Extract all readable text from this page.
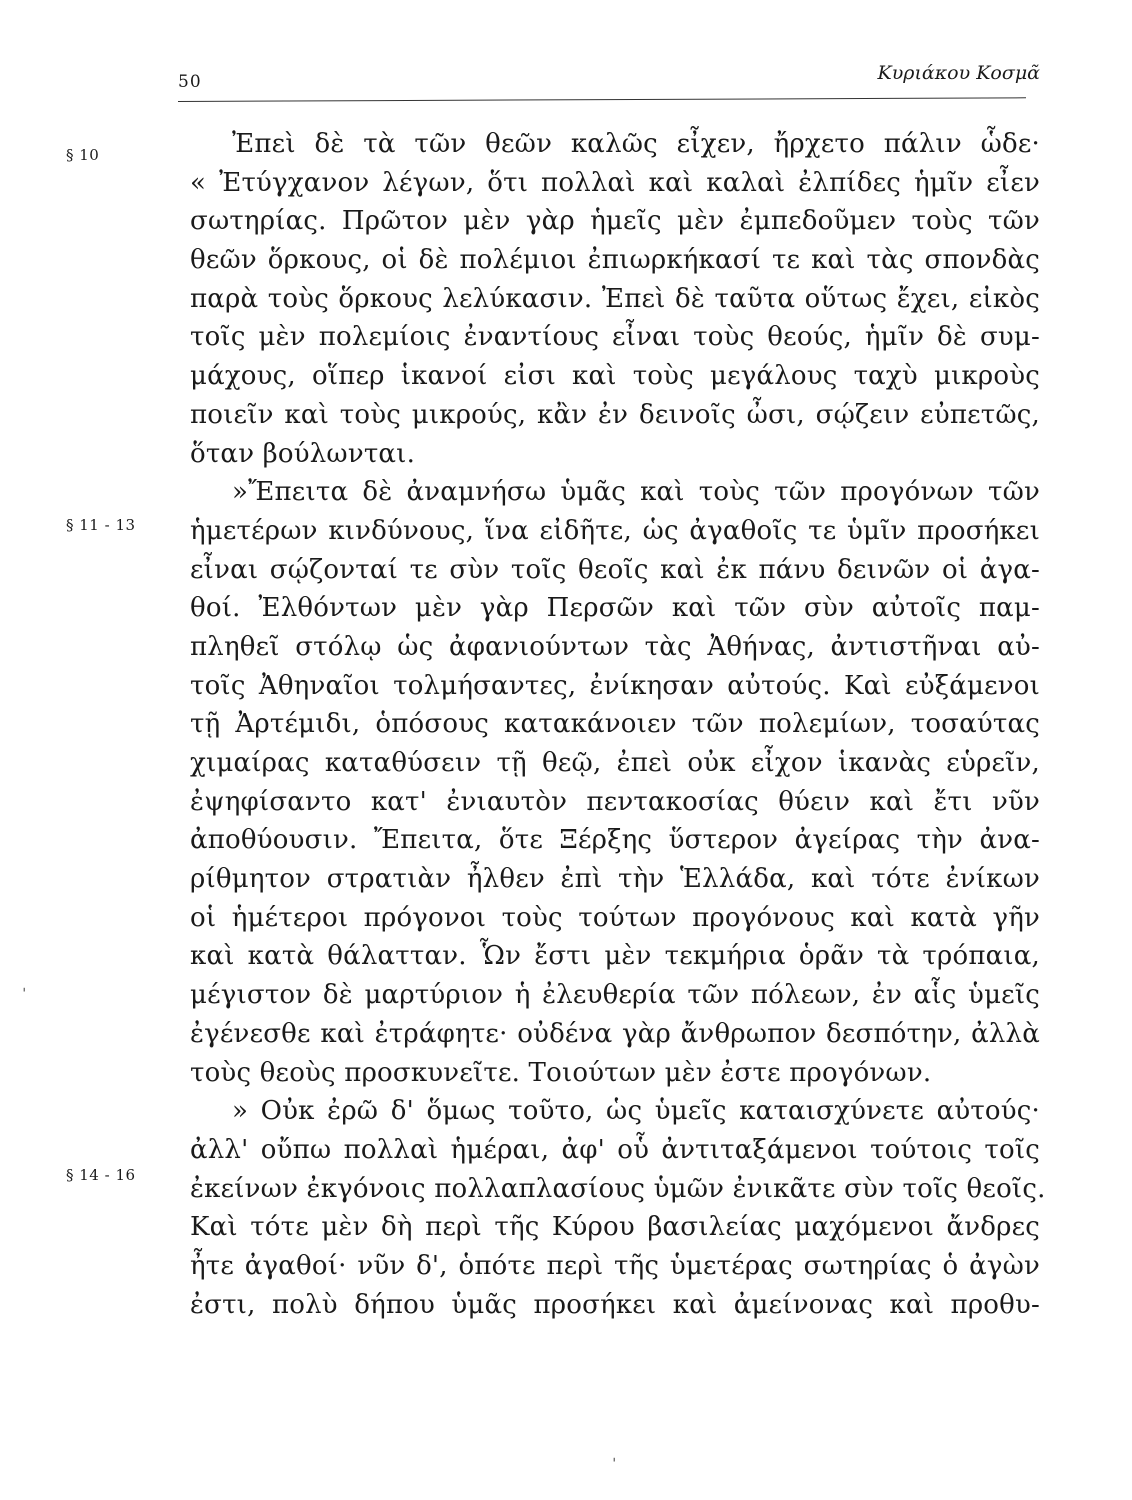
50	Κυριάκου Κοσμᾶ
§ 10
§ 11 - 13
§ 14 - 16
Ἐπεὶ δὲ τὰ τῶν θεῶν καλῶς εἶχεν, ἤρχετο πάλιν ὧδε·
« Ἐτύγχανον λέγων, ὅτι πολλαὶ καὶ καλαὶ ἐλπίδες ἡμῖν εἶεν
σωτηρίας. Πρῶτον μὲν γὰρ ἡμεῖς μὲν ἐμπεδοῦμεν τοὺς τῶν
θεῶν ὅρκους, οἱ δὲ πολέμιοι ἐπιωρκήκασί τε καὶ τὰς σπονδὰς
παρὰ τοὺς ὅρκους λελύκασιν. Ἐπεὶ δὲ ταῦτα οὕτως ἔχει, εἰκὸς
τοῖς μὲν πολεμίοις ἐναντίους εἶναι τοὺς θεούς, ἡμῖν δὲ συμ-
μάχους, οἵπερ ἱκανοί εἰσι καὶ τοὺς μεγάλους ταχὺ μικροὺς
ποιεῖν καὶ τοὺς μικρούς, κἂν ἐν δεινοῖς ὦσι, σῴζειν εὐπετῶς,
ὅταν βούλωνται.
»Ἔπειτα δὲ ἀναμνήσω ὑμᾶς καὶ τοὺς τῶν προγόνων τῶν
ἡμετέρων κινδύνους, ἵνα εἰδῆτε, ὡς ἀγαθοῖς τε ὑμῖν προσήκει
εἶναι σῴζονταί τε σὺν τοῖς θεοῖς καὶ ἐκ πάνυ δεινῶν οἱ ἀγα-
θοί. Ἐλθόντων μὲν γὰρ Περσῶν καὶ τῶν σὺν αὐτοῖς παμ-
πληθεῖ στόλῳ ὡς ἀφανιούντων τὰς Ἀθήνας, ἀντιστῆναι αὐ-
τοῖς Ἀθηναῖοι τολμήσαντες, ἐνίκησαν αὐτούς. Καὶ εὐξάμενοι
τῇ Ἀρτέμιδι, ὁπόσους κατακάνοιεν τῶν πολεμίων, τοσαύτας
χιμαίρας καταθύσειν τῇ θεῷ, ἐπεὶ οὐκ εἶχον ἱκανὰς εὑρεῖν,
ἐψηφίσαντο κατ' ἐνιαυτὸν πεντακοσίας θύειν καὶ ἔτι νῦν
ἀποθύουσιν. Ἔπειτα, ὅτε Ξέρξης ὕστερον ἀγείρας τὴν ἀνα-
ρίθμητον στρατιὰν ἦλθεν ἐπὶ τὴν Ἑλλάδα, καὶ τότε ἐνίκων
οἱ ἡμέτεροι πρόγονοι τοὺς τούτων προγόνους καὶ κατὰ γῆν
καὶ κατὰ θάλατταν. Ὧν ἔστι μὲν τεκμήρια ὁρᾶν τὰ τρόπαια,
μέγιστον δὲ μαρτύριον ἡ ἐλευθερία τῶν πόλεων, ἐν αἷς ὑμεῖς
ἐγένεσθε καὶ ἐτράφητε· οὐδένα γὰρ ἄνθρωπον δεσπότην, ἀλλὰ
τοὺς θεοὺς προσκυνεῖτε. Τοιούτων μὲν ἐστε προγόνων.
» Οὐκ ἐρῶ δ' ὅμως τοῦτο, ὡς ὑμεῖς καταισχύνετε αὐτούς·
ἀλλ' οὔπω πολλαὶ ἡμέραι, ἀφ' οὗ ἀντιταξάμενοι τούτοις τοῖς
ἐκείνων ἐκγόνοις πολλαπλασίους ὑμῶν ἐνικᾶτε σὺν τοῖς θεοῖς.
Καὶ τότε μὲν δὴ περὶ τῆς Κύρου βασιλείας μαχόμενοι ἄνδρες
ἦτε ἀγαθοί· νῦν δ', ὁπότε περὶ τῆς ὑμετέρας σωτηρίας ὁ ἀγὼν
ἐστι, πολὺ δήπου ὑμᾶς προσήκει καὶ ἀμείνονας καὶ προθυ-
ˈ
ˈ
